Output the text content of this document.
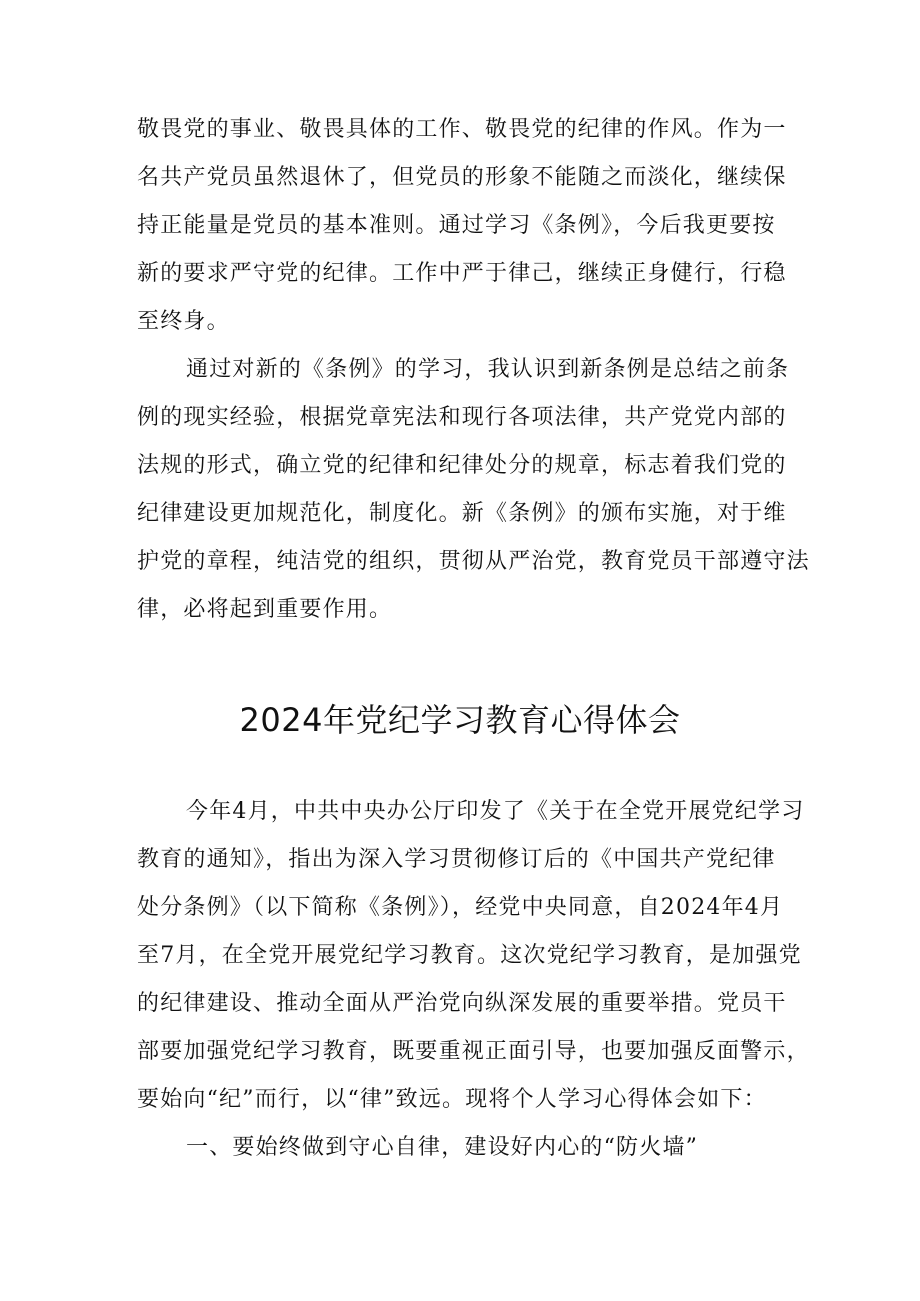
敬畏党的事业、敬畏具体的工作、敬畏党的纪律的作风。作为一
名共产党员虽然退休了，但党员的形象不能随之而淡化，继续保
持正能量是党员的基本准则。通过学习《条例》，今后我更要按
新的要求严守党的纪律。工作中严于律己，继续正身健行，行稳
至终身。
通过对新的《条例》的学习，我认识到新条例是总结之前条
例的现实经验，根据党章宪法和现行各项法律，共产党党内部的
法规的形式，确立党的纪律和纪律处分的规章，标志着我们党的
纪律建设更加规范化，制度化。新《条例》的颁布实施，对于维
护党的章程，纯洁党的组织，贯彻从严治党，教育党员干部遵守法
律，必将起到重要作用。
2024年党纪学习教育心得体会
今年4月，中共中央办公厅印发了《关于在全党开展党纪学习
教育的通知》，指出为深入学习贯彻修订后的《中国共产党纪律
处分条例》（以下简称《条例》），经党中央同意，自2024年4月
至7月，在全党开展党纪学习教育。这次党纪学习教育，是加强党
的纪律建设、推动全面从严治党向纵深发展的重要举措。党员干
部要加强党纪学习教育，既要重视正面引导，也要加强反面警示，
要始向“纪”而行，以“律”致远。现将个人学习心得体会如下：
一、要始终做到守心自律，建设好内心的“防火墙”
